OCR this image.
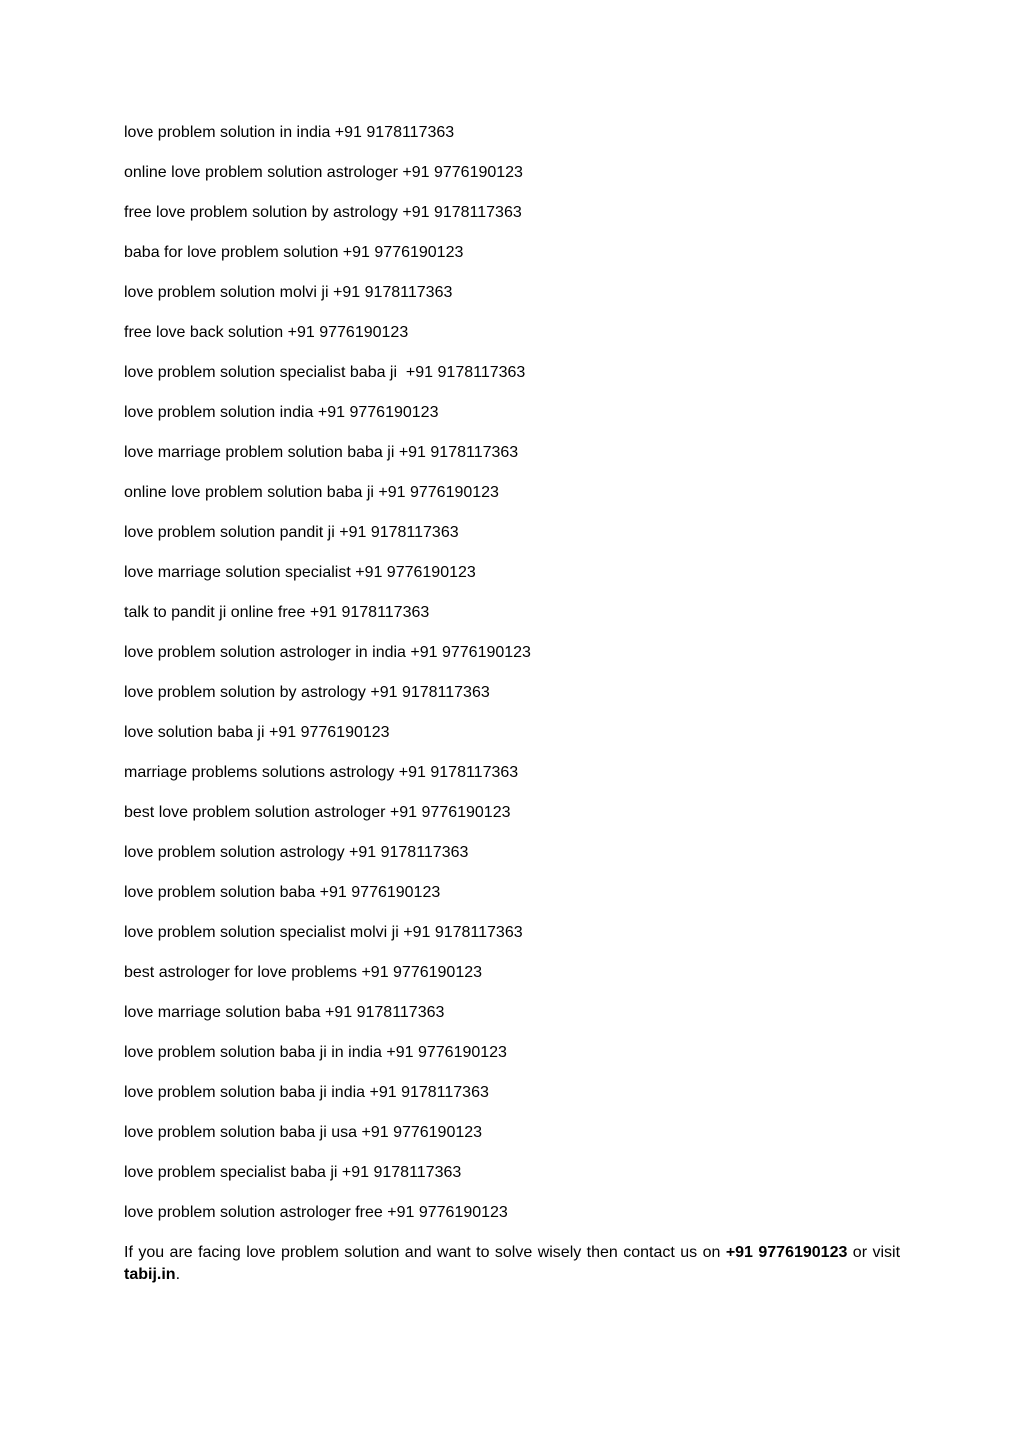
love problem solution in india +91 9178117363
online love problem solution astrologer +91 9776190123
free love problem solution by astrology +91 9178117363
baba for love problem solution +91 9776190123
love problem solution molvi ji +91 9178117363
free love back solution +91 9776190123
love problem solution specialist baba ji  +91 9178117363
love problem solution india +91 9776190123
love marriage problem solution baba ji +91 9178117363
online love problem solution baba ji +91 9776190123
love problem solution pandit ji +91 9178117363
love marriage solution specialist +91 9776190123
talk to pandit ji online free +91 9178117363
love problem solution astrologer in india +91 9776190123
love problem solution by astrology +91 9178117363
love solution baba ji +91 9776190123
marriage problems solutions astrology +91 9178117363
best love problem solution astrologer +91 9776190123
love problem solution astrology +91 9178117363
love problem solution baba +91 9776190123
love problem solution specialist molvi ji +91 9178117363
best astrologer for love problems +91 9776190123
love marriage solution baba +91 9178117363
love problem solution baba ji in india +91 9776190123
love problem solution baba ji india +91 9178117363
love problem solution baba ji usa +91 9776190123
love problem specialist baba ji +91 9178117363
love problem solution astrologer free +91 9776190123

If you are facing love problem solution and want to solve wisely then contact us on +91 9776190123 or visit tabij.in.
